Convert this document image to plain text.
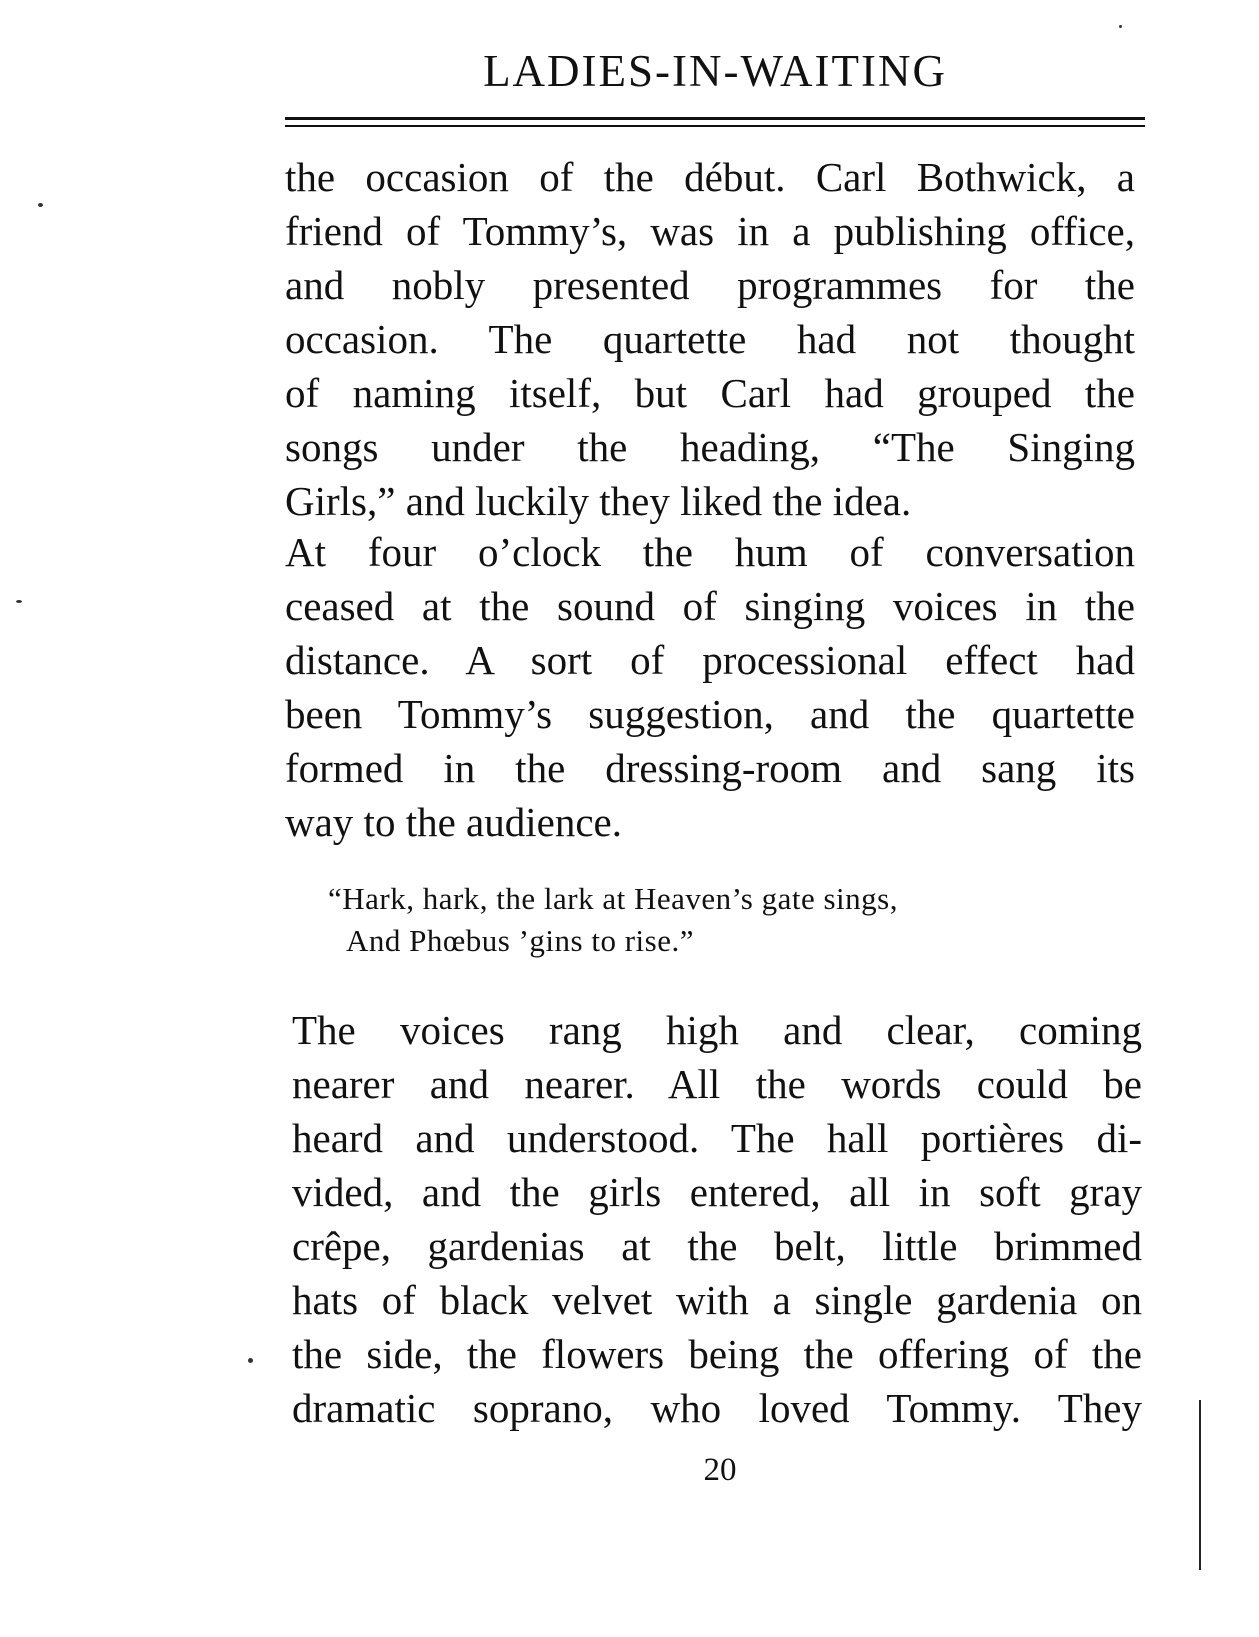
LADIES-IN-WAITING

the occasion of the début. Carl Bothwick, a
friend of Tommy’s, was in a publishing office,
and nobly presented programmes for the
occasion. The quartette had not thought
of naming itself, but Carl had grouped the
songs under the heading, “The Singing
Girls,” and luckily they liked the idea.

At four o’clock the hum of conversation
ceased at the sound of singing voices in the
distance. A sort of processional effect had
been Tommy’s suggestion, and the quartette
formed in the dressing-room and sang its
way to the audience.

“Hark, hark, the lark at Heaven’s gate sings,
And Phœbus ’gins to rise.”

The voices rang high and clear, coming
nearer and nearer. All the words could be
heard and understood. The hall portières di-
vided, and the girls entered, all in soft gray
crêpe, gardenias at the belt, little brimmed
hats of black velvet with a single gardenia on
the side, the flowers being the offering of the
dramatic soprano, who loved Tommy. They

20
